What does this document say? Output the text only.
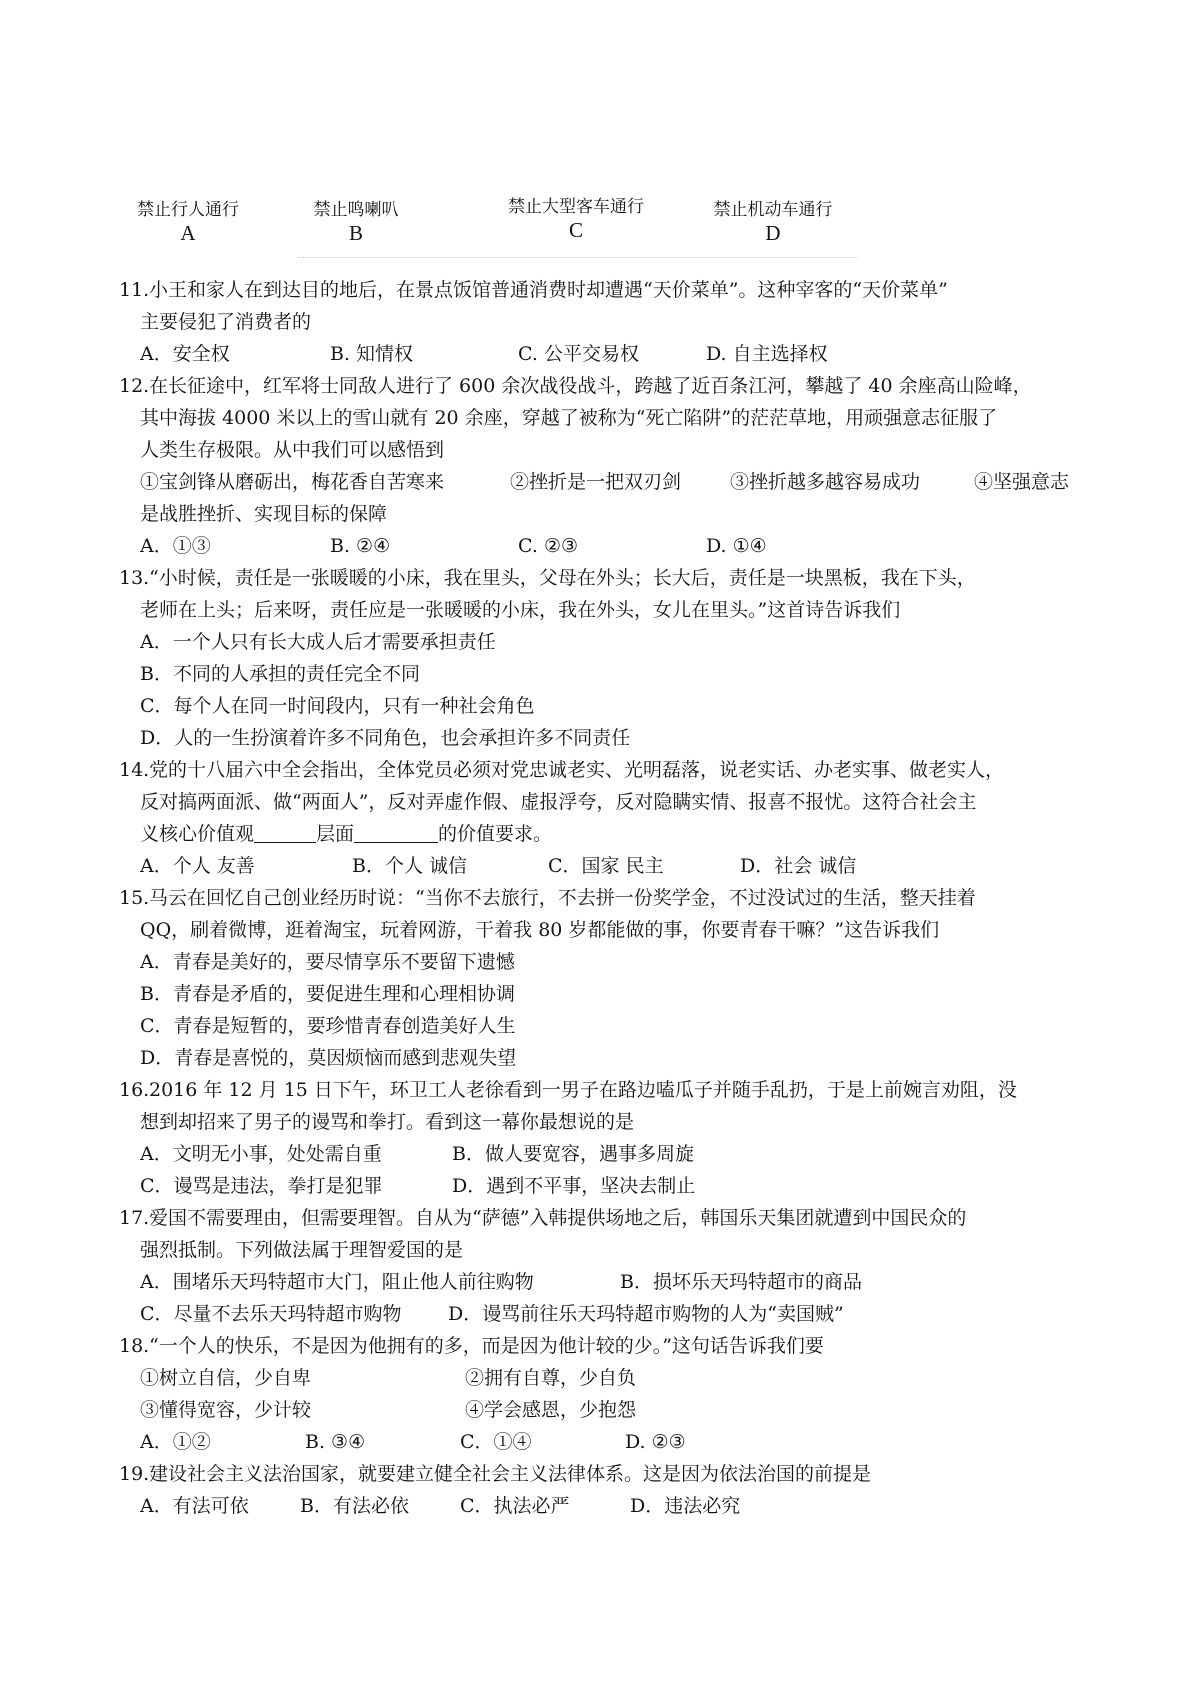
禁止行人通行
A
禁止鸣喇叭
B
禁止大型客车通行
C
禁止机动车通行
D
11.小王和家人在到达目的地后，在景点饭馆普通消费时却遭遇“天价菜单”。这种宰客的“天价菜单”
主要侵犯了消费者的
A．安全权	B. 知情权	C. 公平交易权	D. 自主选择权
12.在长征途中，红军将士同敌人进行了 600 余次战役战斗，跨越了近百条江河，攀越了 40 余座高山险峰，
其中海拔 4000 米以上的雪山就有 20 余座，穿越了被称为“死亡陷阱”的茫茫草地，用顽强意志征服了
人类生存极限。从中我们可以感悟到
①宝剑锋从磨砺出，梅花香自苦寒来	②挫折是一把双刃剑	③挫折越多越容易成功	④坚强意志
是战胜挫折、实现目标的保障
A．①③	B. ②④	C. ②③	D. ①④
13.“小时候，责任是一张暖暖的小床，我在里头，父母在外头；长大后，责任是一块黑板，我在下头，
老师在上头；后来呀，责任应是一张暖暖的小床，我在外头，女儿在里头。”这首诗告诉我们
A．一个人只有长大成人后才需要承担责任
B．不同的人承担的责任完全不同
C．每个人在同一时间段内，只有一种社会角色
D．人的一生扮演着许多不同角色，也会承担许多不同责任
14.党的十八届六中全会指出，全体党员必须对党忠诚老实、光明磊落，说老实话、办老实事、做老实人，
反对搞两面派、做“两面人”，反对弄虚作假、虚报浮夸，反对隐瞒实情、报喜不报忧。这符合社会主
义核心价值观	层面	的价值要求。
A．个人 友善	B．个人 诚信	C．国家 民主	D．社会 诚信
15.马云在回忆自己创业经历时说：“当你不去旅行，不去拼一份奖学金，不过没试过的生活，整天挂着
QQ，刷着微博，逛着淘宝，玩着网游，干着我 80 岁都能做的事，你要青春干嘛？”这告诉我们
A．青春是美好的，要尽情享乐不要留下遗憾
B．青春是矛盾的，要促进生理和心理相协调
C．青春是短暂的，要珍惜青春创造美好人生
D．青春是喜悦的，莫因烦恼而感到悲观失望
16.2016 年 12 月 15 日下午，环卫工人老徐看到一男子在路边嗑瓜子并随手乱扔，于是上前婉言劝阻，没
想到却招来了男子的谩骂和拳打。看到这一幕你最想说的是
A．文明无小事，处处需自重	B．做人要宽容，遇事多周旋
C．谩骂是违法，拳打是犯罪	D．遇到不平事，坚决去制止
17.爱国不需要理由，但需要理智。自从为“萨德”入韩提供场地之后，韩国乐天集团就遭到中国民众的
强烈抵制。下列做法属于理智爱国的是
A．围堵乐天玛特超市大门，阻止他人前往购物	B．损坏乐天玛特超市的商品
C．尽量不去乐天玛特超市购物 D．谩骂前往乐天玛特超市购物的人为“卖国贼”
18.“一个人的快乐，不是因为他拥有的多，而是因为他计较的少。”这句话告诉我们要
①树立自信，少自卑	②拥有自尊，少自负
③懂得宽容，少计较	④学会感恩，少抱怨
A．①②	B. ③④	C．①④	D. ②③
19.建设社会主义法治国家，就要建立健全社会主义法律体系。这是因为依法治国的前提是
A．有法可依	B．有法必依	C．执法必严	D．违法必究
